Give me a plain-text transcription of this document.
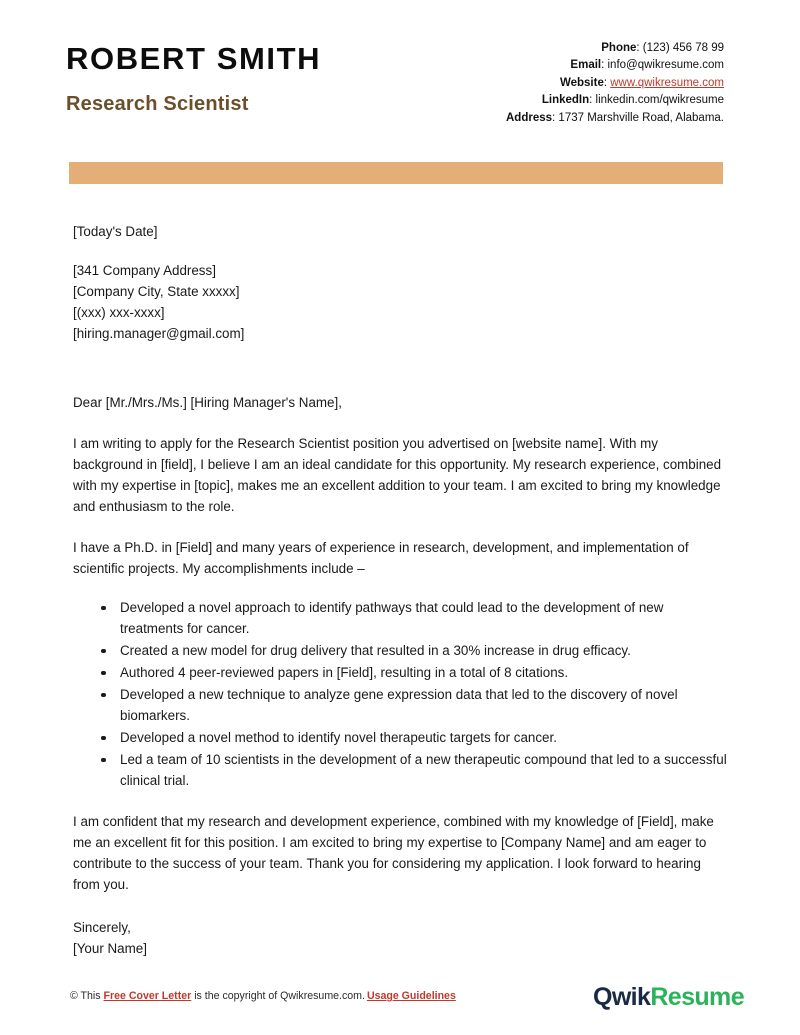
ROBERT SMITH
Research Scientist
Phone: (123) 456 78 99
Email: info@qwikresume.com
Website: www.qwikresume.com
LinkedIn: linkedin.com/qwikresume
Address: 1737 Marshville Road, Alabama.
[Today's Date]
[341 Company Address]
[Company City, State xxxxx]
[(xxx) xxx-xxxx]
[hiring.manager@gmail.com]
Dear [Mr./Mrs./Ms.] [Hiring Manager's Name],

I am writing to apply for the Research Scientist position you advertised on [website name]. With my background in [field], I believe I am an ideal candidate for this opportunity. My research experience, combined with my expertise in [topic], makes me an excellent addition to your team. I am excited to bring my knowledge and enthusiasm to the role.

I have a Ph.D. in [Field] and many years of experience in research, development, and implementation of scientific projects. My accomplishments include –

Developed a novel approach to identify pathways that could lead to the development of new treatments for cancer.
Created a new model for drug delivery that resulted in a 30% increase in drug efficacy.
Authored 4 peer-reviewed papers in [Field], resulting in a total of 8 citations.
Developed a new technique to analyze gene expression data that led to the discovery of novel biomarkers.
Developed a novel method to identify novel therapeutic targets for cancer.
Led a team of 10 scientists in the development of a new therapeutic compound that led to a successful clinical trial.

I am confident that my research and development experience, combined with my knowledge of [Field], make me an excellent fit for this position. I am excited to bring my expertise to [Company Name] and am eager to contribute to the success of your team. Thank you for considering my application. I look forward to hearing from you.

Sincerely,
[Your Name]
© This Free Cover Letter is the copyright of Qwikresume.com. Usage Guidelines	QwikResume
